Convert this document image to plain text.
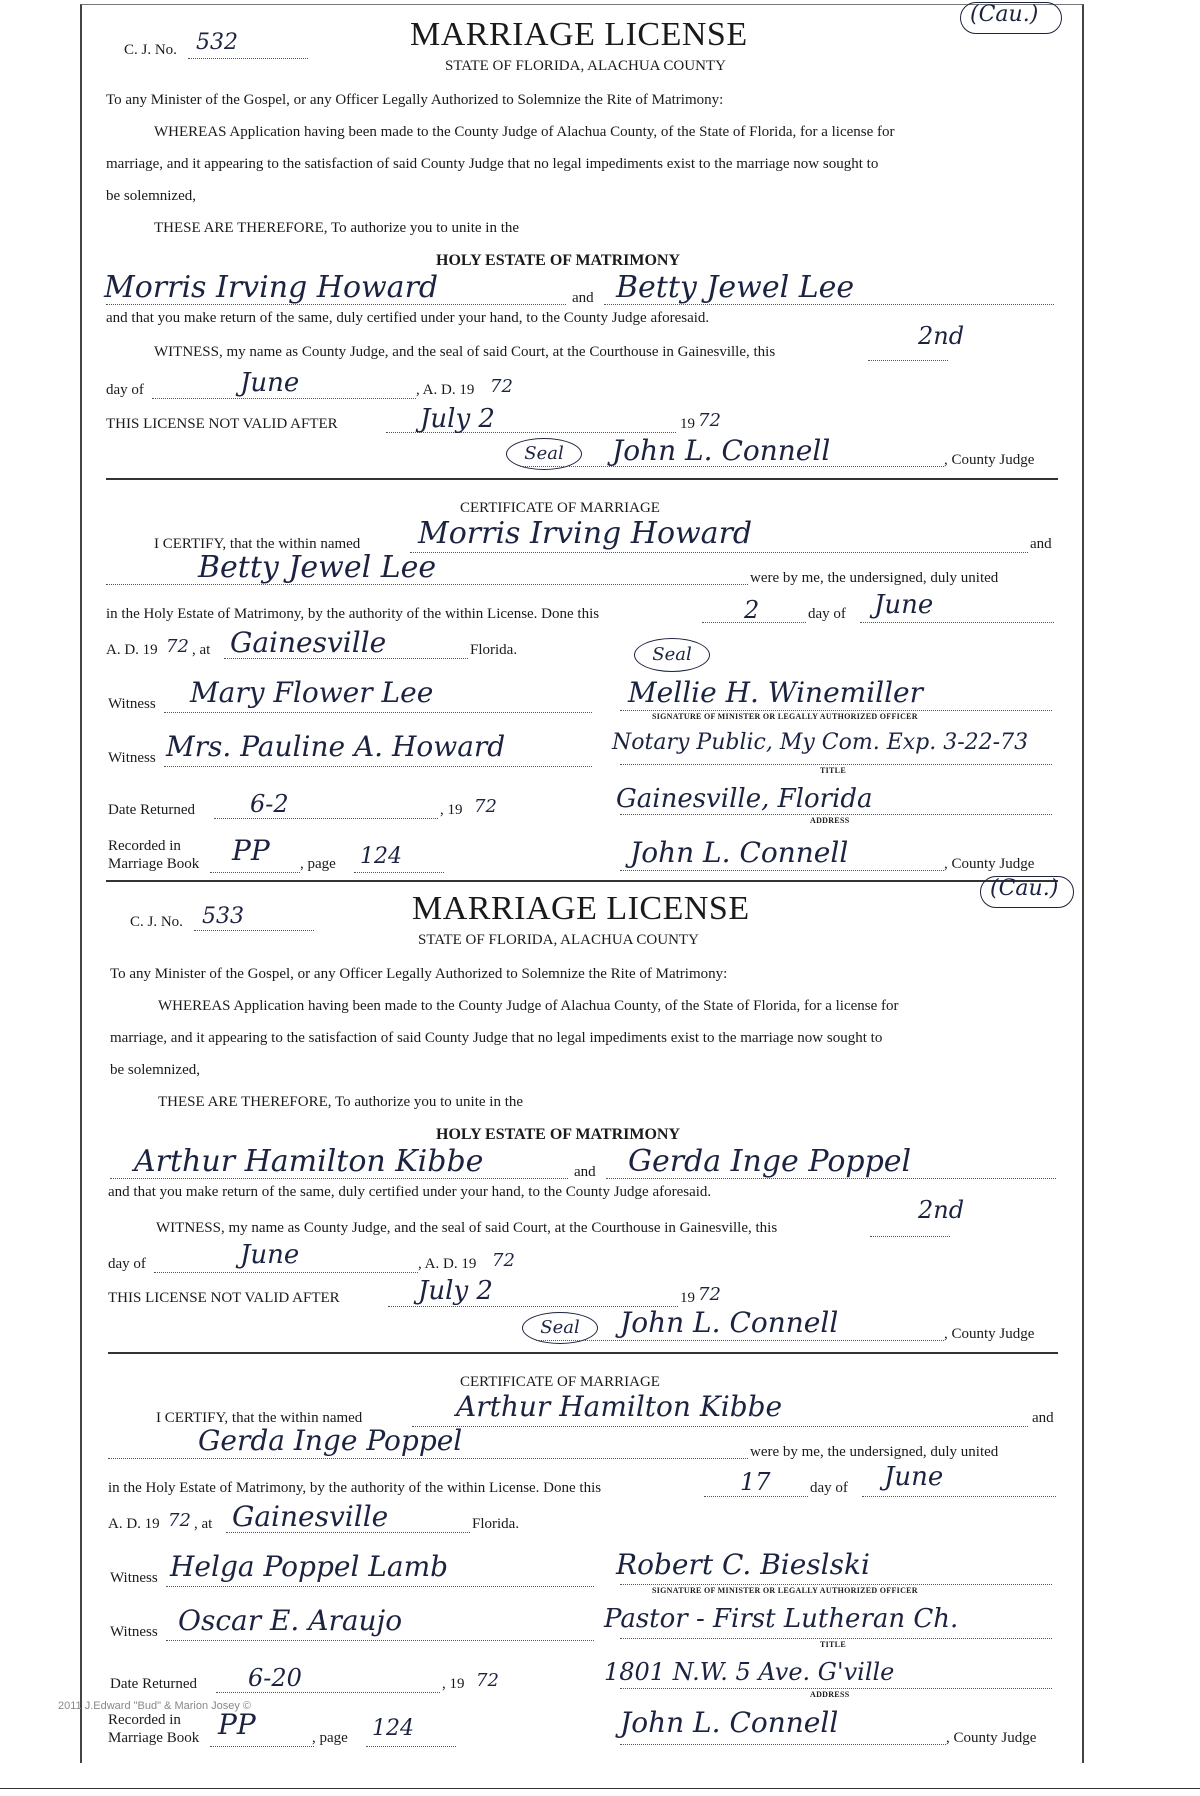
(Cau.)
C. J. No. 532	MARRIAGE LICENSE
STATE OF FLORIDA, ALACHUA COUNTY
To any Minister of the Gospel, or any Officer Legally Authorized to Solemnize the Rite of Matrimony:
WHEREAS Application having been made to the County Judge of Alachua County, of the State of Florida, for a license for
marriage, and it appearing to the satisfaction of said County Judge that no legal impediments exist to the marriage now sought to
be solemnized,
THESE ARE THEREFORE, To authorize you to unite in the
HOLY ESTATE OF MATRIMONY
Morris Irving Howard	and Betty Jewel Lee
and that you make return of the same, duly certified under your hand, to the County Judge aforesaid.
WITNESS, my name as County Judge, and the seal of said Court, at the Courthouse in Gainesville, this
2nd
day of	June	, A. D. 19 72
THIS LICENSE NOT VALID AFTER	July 2	19 72
Seal	John L. Connell	, County Judge
CERTIFICATE OF MARRIAGE
I CERTIFY, that the within named Morris Irving Howard	and
Betty Jewel Lee	were by me, the undersigned, duly united
in the Holy Estate of Matrimony, by the authority of the within License. Done this	2	day of June
A. D. 19 72 , at Gainesville	Florida.	Seal
Witness Mary Flower Lee	Mellie H. Winemiller
SIGNATURE OF MINISTER OR LEGALLY AUTHORIZED OFFICER
Witness Mrs. Pauline A. Howard	Notary Public, My Com. Exp. 3-22-73
TITLE
Date Returned 6-2	, 19 72	Gainesville, Florida
ADDRESS
Recorded in
Marriage Book PP , page 124	John L. Connell	, County Judge
(Cau.)
C. J. No. 533	MARRIAGE LICENSE
STATE OF FLORIDA, ALACHUA COUNTY
To any Minister of the Gospel, or any Officer Legally Authorized to Solemnize the Rite of Matrimony:
WHEREAS Application having been made to the County Judge of Alachua County, of the State of Florida, for a license for
marriage, and it appearing to the satisfaction of said County Judge that no legal impediments exist to the marriage now sought to
be solemnized,
THESE ARE THEREFORE, To authorize you to unite in the
HOLY ESTATE OF MATRIMONY
Arthur Hamilton Kibbe	and Gerda Inge Poppel
and that you make return of the same, duly certified under your hand, to the County Judge aforesaid.
WITNESS, my name as County Judge, and the seal of said Court, at the Courthouse in Gainesville, this
2nd
day of	June	, A. D. 19 72
THIS LICENSE NOT VALID AFTER	July 2	19 72
Seal	John L. Connell	, County Judge
CERTIFICATE OF MARRIAGE
I CERTIFY, that the within named	Arthur Hamilton Kibbe	and
Gerda Inge Poppel	were by me, the undersigned, duly united
in the Holy Estate of Matrimony, by the authority of the within License. Done this	17	day of June
A. D. 19 72 , at Gainesville	Florida.
Witness Helga Poppel Lamb	Robert C. Bieslski
SIGNATURE OF MINISTER OR LEGALLY AUTHORIZED OFFICER
Witness Oscar E. Araujo	Pastor - First Lutheran Ch.
TITLE
Date Returned 6-20	, 19 72	1801 N.W. 5 Ave. G'ville
ADDRESS
2011 J.Edward "Bud" & Marion Josey ©
Recorded in
Marriage Book PP	, page 124	John L. Connell	, County Judge
